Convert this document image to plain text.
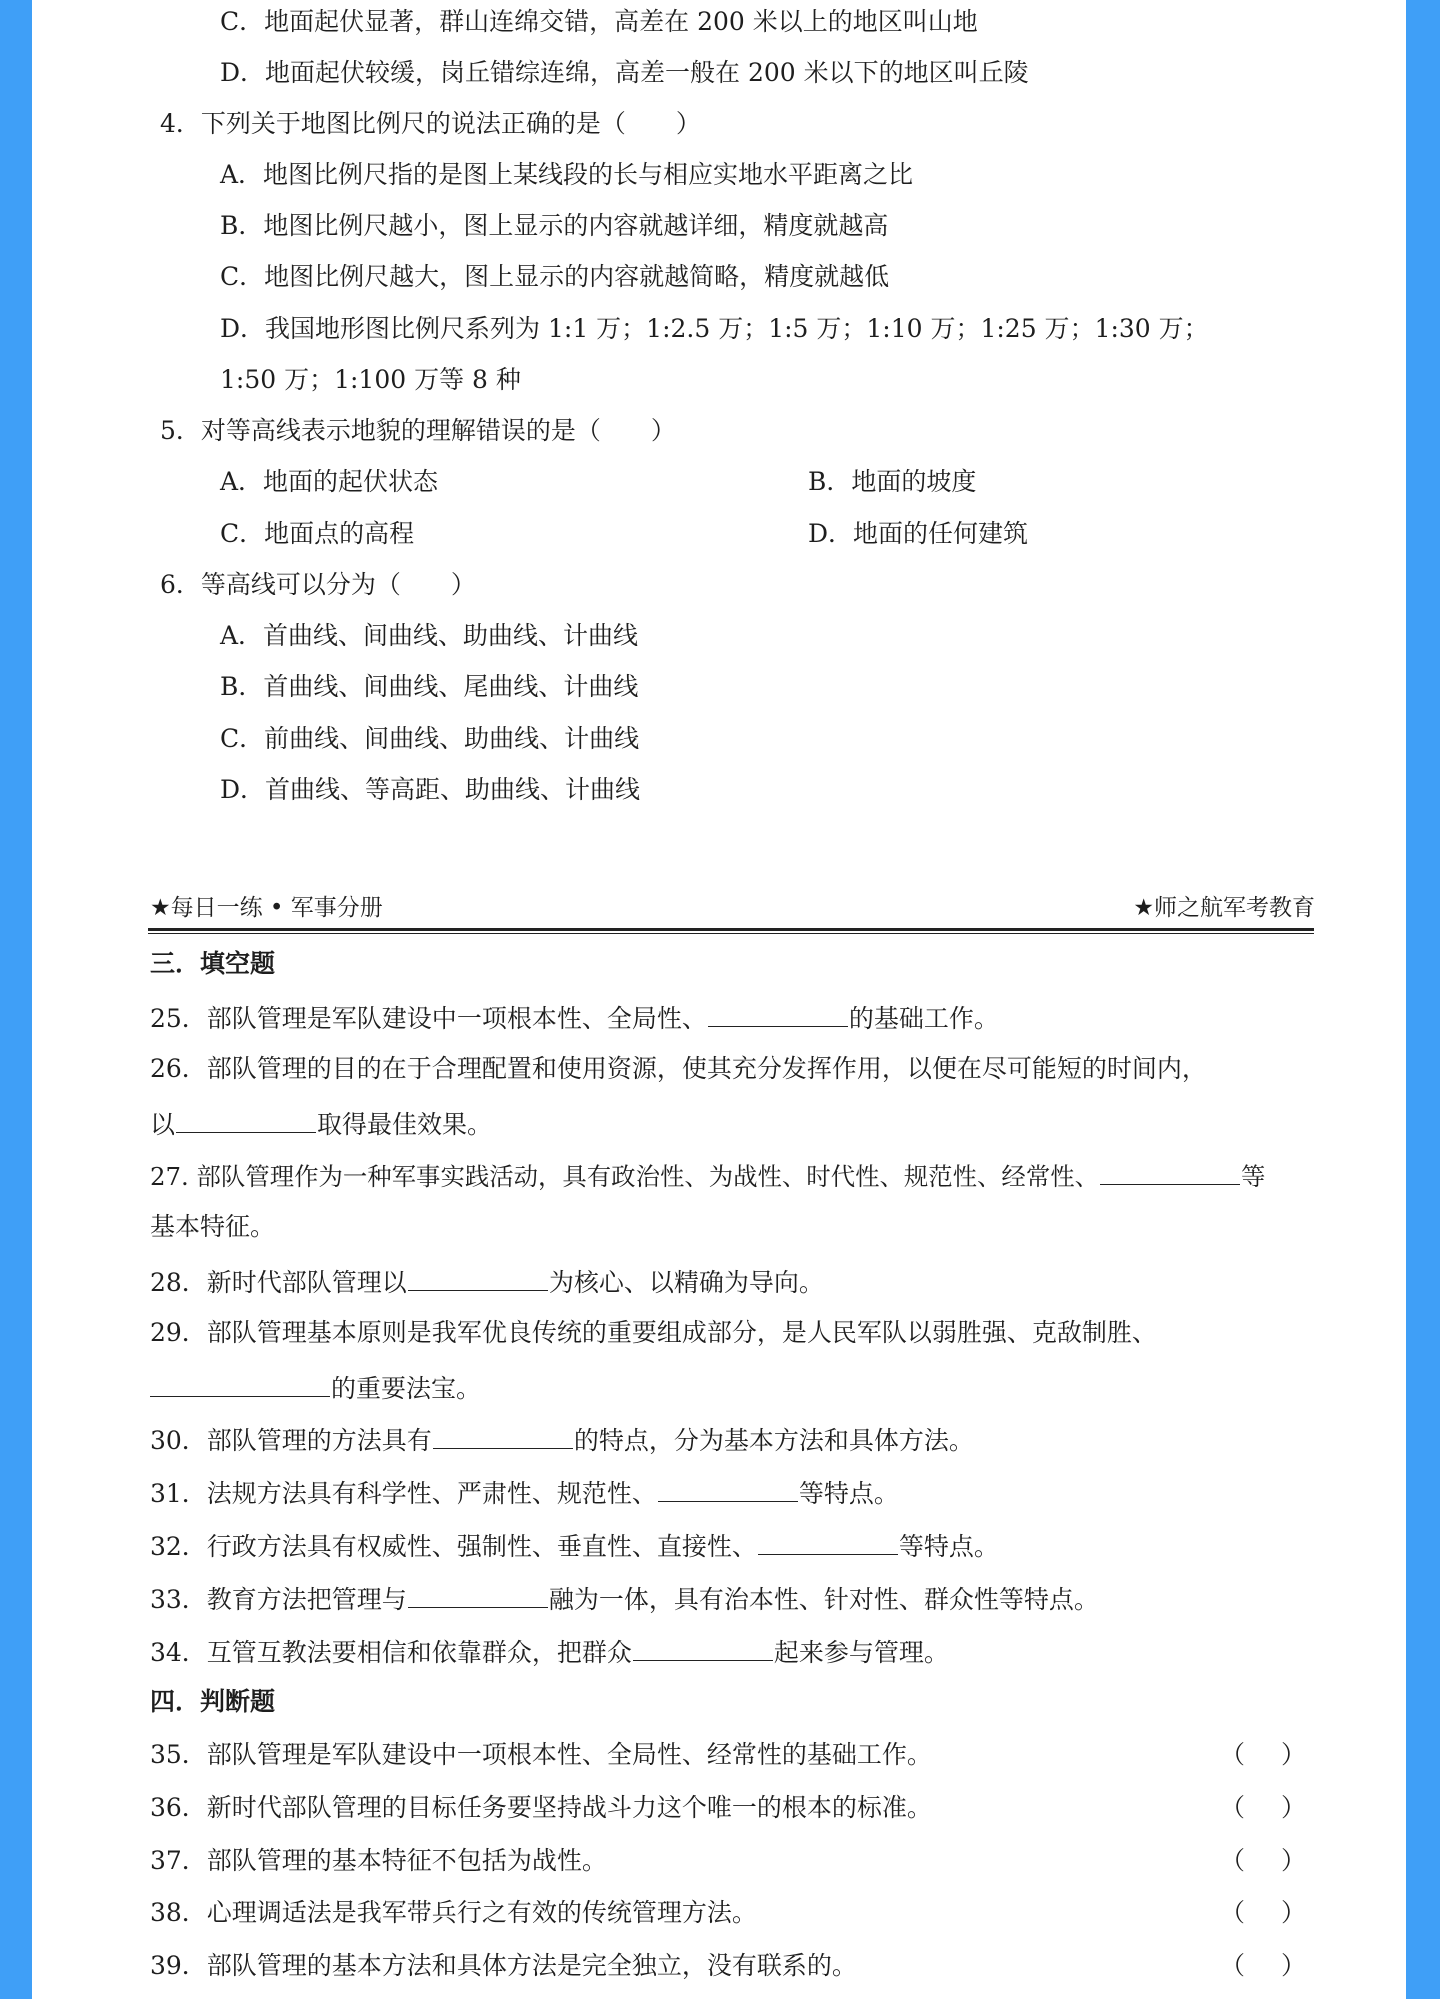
C．地面起伏显著，群山连绵交错，高差在 200 米以上的地区叫山地
D．地面起伏较缓，岗丘错综连绵，高差一般在 200 米以下的地区叫丘陵
4．下列关于地图比例尺的说法正确的是（　　）
A．地图比例尺指的是图上某线段的长与相应实地水平距离之比
B．地图比例尺越小，图上显示的内容就越详细，精度就越高
C．地图比例尺越大，图上显示的内容就越简略，精度就越低
D．我国地形图比例尺系列为 1:1 万；1:2.5 万；1:5 万；1:10 万；1:25 万；1:30 万；
1:50 万；1:100 万等 8 种
5．对等高线表示地貌的理解错误的是（　　）
A．地面的起伏状态	B．地面的坡度
C．地面点的高程	D．地面的任何建筑
6．等高线可以分为（　　）
A．首曲线、间曲线、助曲线、计曲线
B．首曲线、间曲线、尾曲线、计曲线
C．前曲线、间曲线、助曲线、计曲线
D．首曲线、等高距、助曲线、计曲线
★每日一练 • 军事分册	★师之航军考教育
三．填空题
25．部队管理是军队建设中一项根本性、全局性、	的基础工作。
26．部队管理的目的在于合理配置和使用资源，使其充分发挥作用，以便在尽可能短的时间内，
以	取得最佳效果。
27. 部队管理作为一种军事实践活动，具有政治性、为战性、时代性、规范性、经常性、	等
基本特征。
28．新时代部队管理以	为核心、以精确为导向。
29．部队管理基本原则是我军优良传统的重要组成部分，是人民军队以弱胜强、克敌制胜、
的重要法宝。
30．部队管理的方法具有	的特点，分为基本方法和具体方法。
31．法规方法具有科学性、严肃性、规范性、	等特点。
32．行政方法具有权威性、强制性、垂直性、直接性、	等特点。
33．教育方法把管理与	融为一体，具有治本性、针对性、群众性等特点。
34．互管互教法要相信和依靠群众，把群众	起来参与管理。
四．判断题
35．部队管理是军队建设中一项根本性、全局性、经常性的基础工作。	（ ）
36．新时代部队管理的目标任务要坚持战斗力这个唯一的根本的标准。	（ ）
37．部队管理的基本特征不包括为战性。	（ ）
38．心理调适法是我军带兵行之有效的传统管理方法。	（ ）
39．部队管理的基本方法和具体方法是完全独立，没有联系的。	（ ）
